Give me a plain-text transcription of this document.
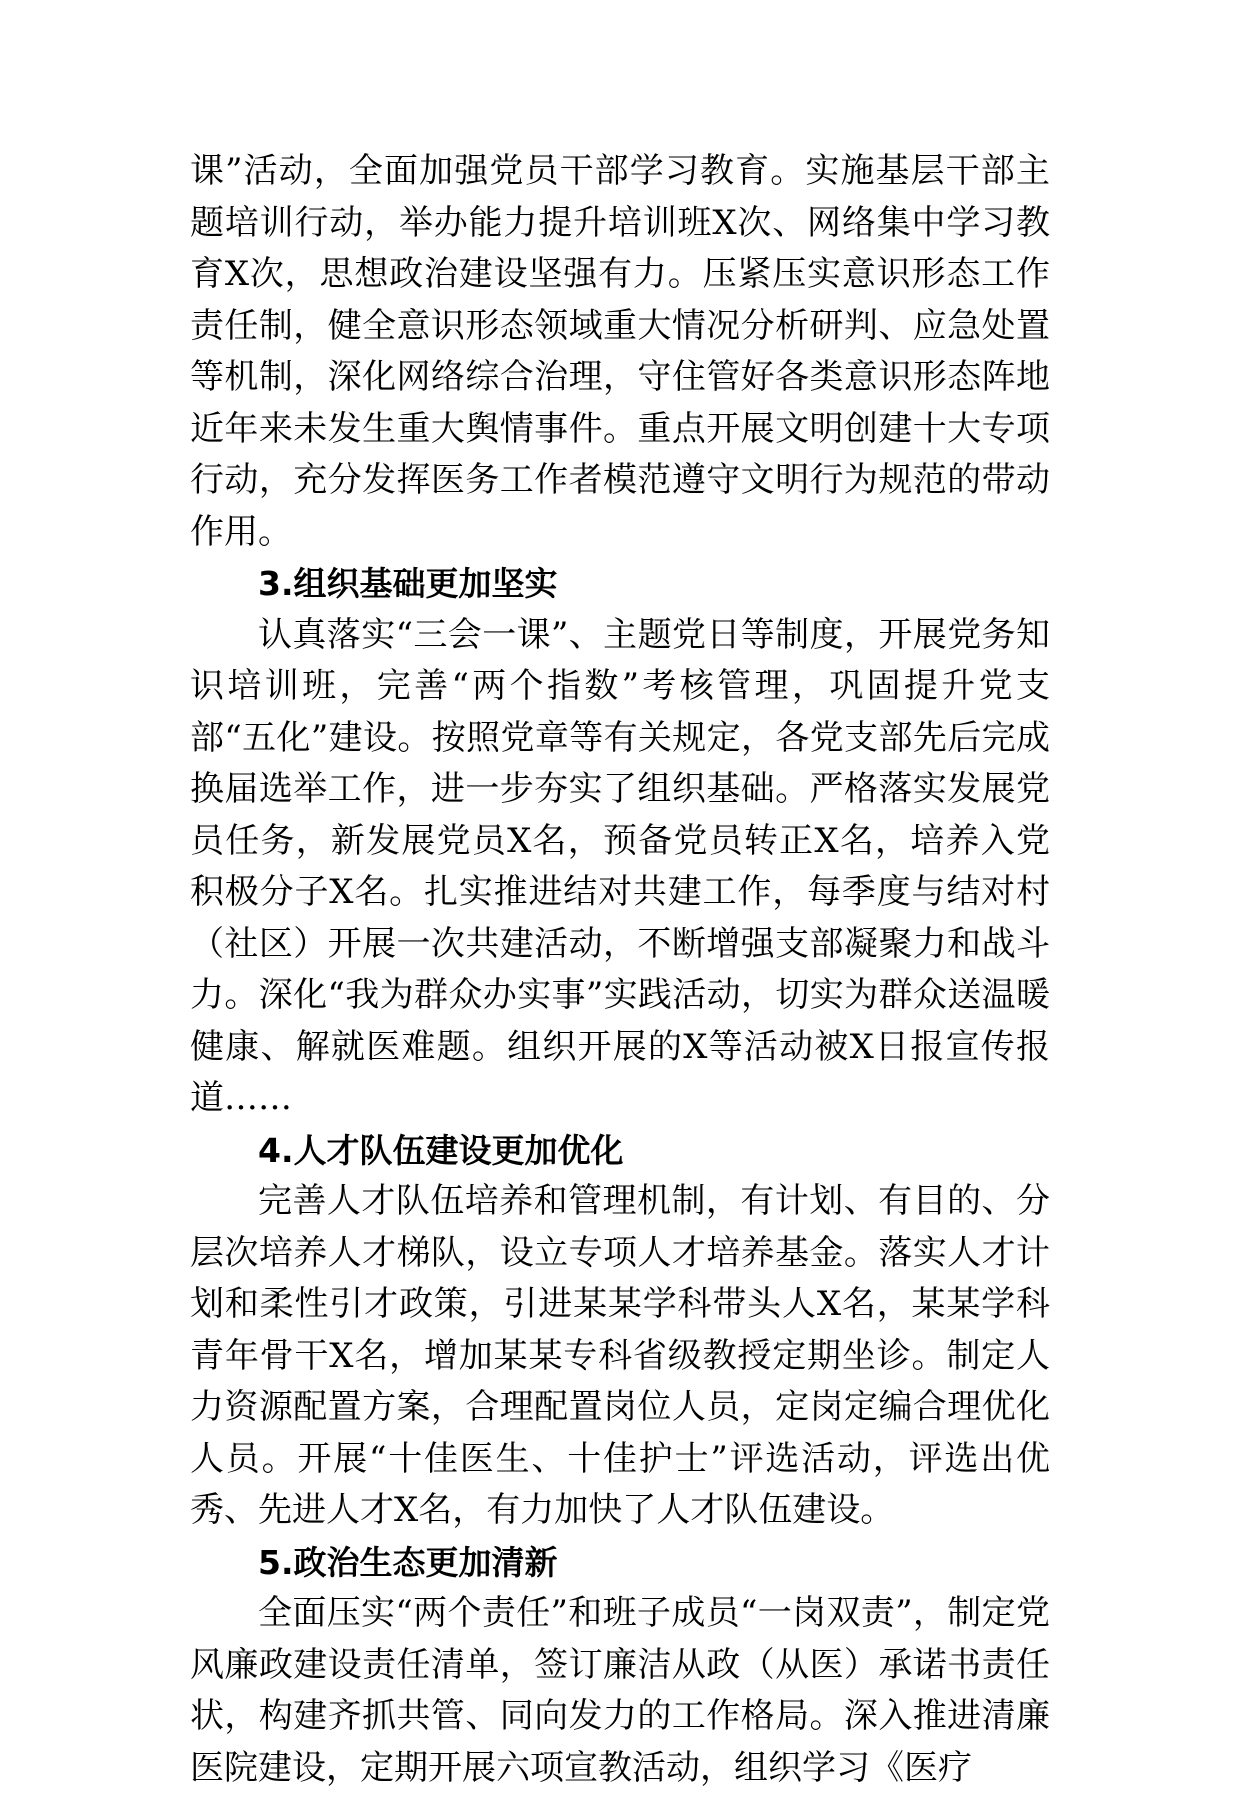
课”活动，全面加强党员干部学习教育。实施基层干部主题培训行动，举办能力提升培训班X次、网络集中学习教育X次，思想政治建设坚强有力。压紧压实意识形态工作责任制，健全意识形态领域重大情况分析研判、应急处置等机制，深化网络综合治理，守住管好各类意识形态阵地近年来未发生重大舆情事件。重点开展文明创建十大专项行动，充分发挥医务工作者模范遵守文明行为规范的带动作用。

3.组织基础更加坚实

认真落实“三会一课”、主题党日等制度，开展党务知识培训班，完善“两个指数”考核管理，巩固提升党支部“五化”建设。按照党章等有关规定，各党支部先后完成换届选举工作，进一步夯实了组织基础。严格落实发展党员任务，新发展党员X名，预备党员转正X名，培养入党积极分子X名。扎实推进结对共建工作，每季度与结对村（社区）开展一次共建活动，不断增强支部凝聚力和战斗力。深化“我为群众办实事”实践活动，切实为群众送温暖健康、解就医难题。组织开展的X等活动被X日报宣传报道……

4.人才队伍建设更加优化

完善人才队伍培养和管理机制，有计划、有目的、分层次培养人才梯队，设立专项人才培养基金。落实人才计划和柔性引才政策，引进某某学科带头人X名，某某学科青年骨干X名，增加某某专科省级教授定期坐诊。制定人力资源配置方案，合理配置岗位人员，定岗定编合理优化人员。开展“十佳医生、十佳护士”评选活动，评选出优秀、先进人才X名，有力加快了人才队伍建设。

5.政治生态更加清新

全面压实“两个责任”和班子成员“一岗双责”，制定党风廉政建设责任清单，签订廉洁从政（从医）承诺书责任状，构建齐抓共管、同向发力的工作格局。深入推进清廉医院建设，定期开展六项宣教活动，组织学习《医疗
